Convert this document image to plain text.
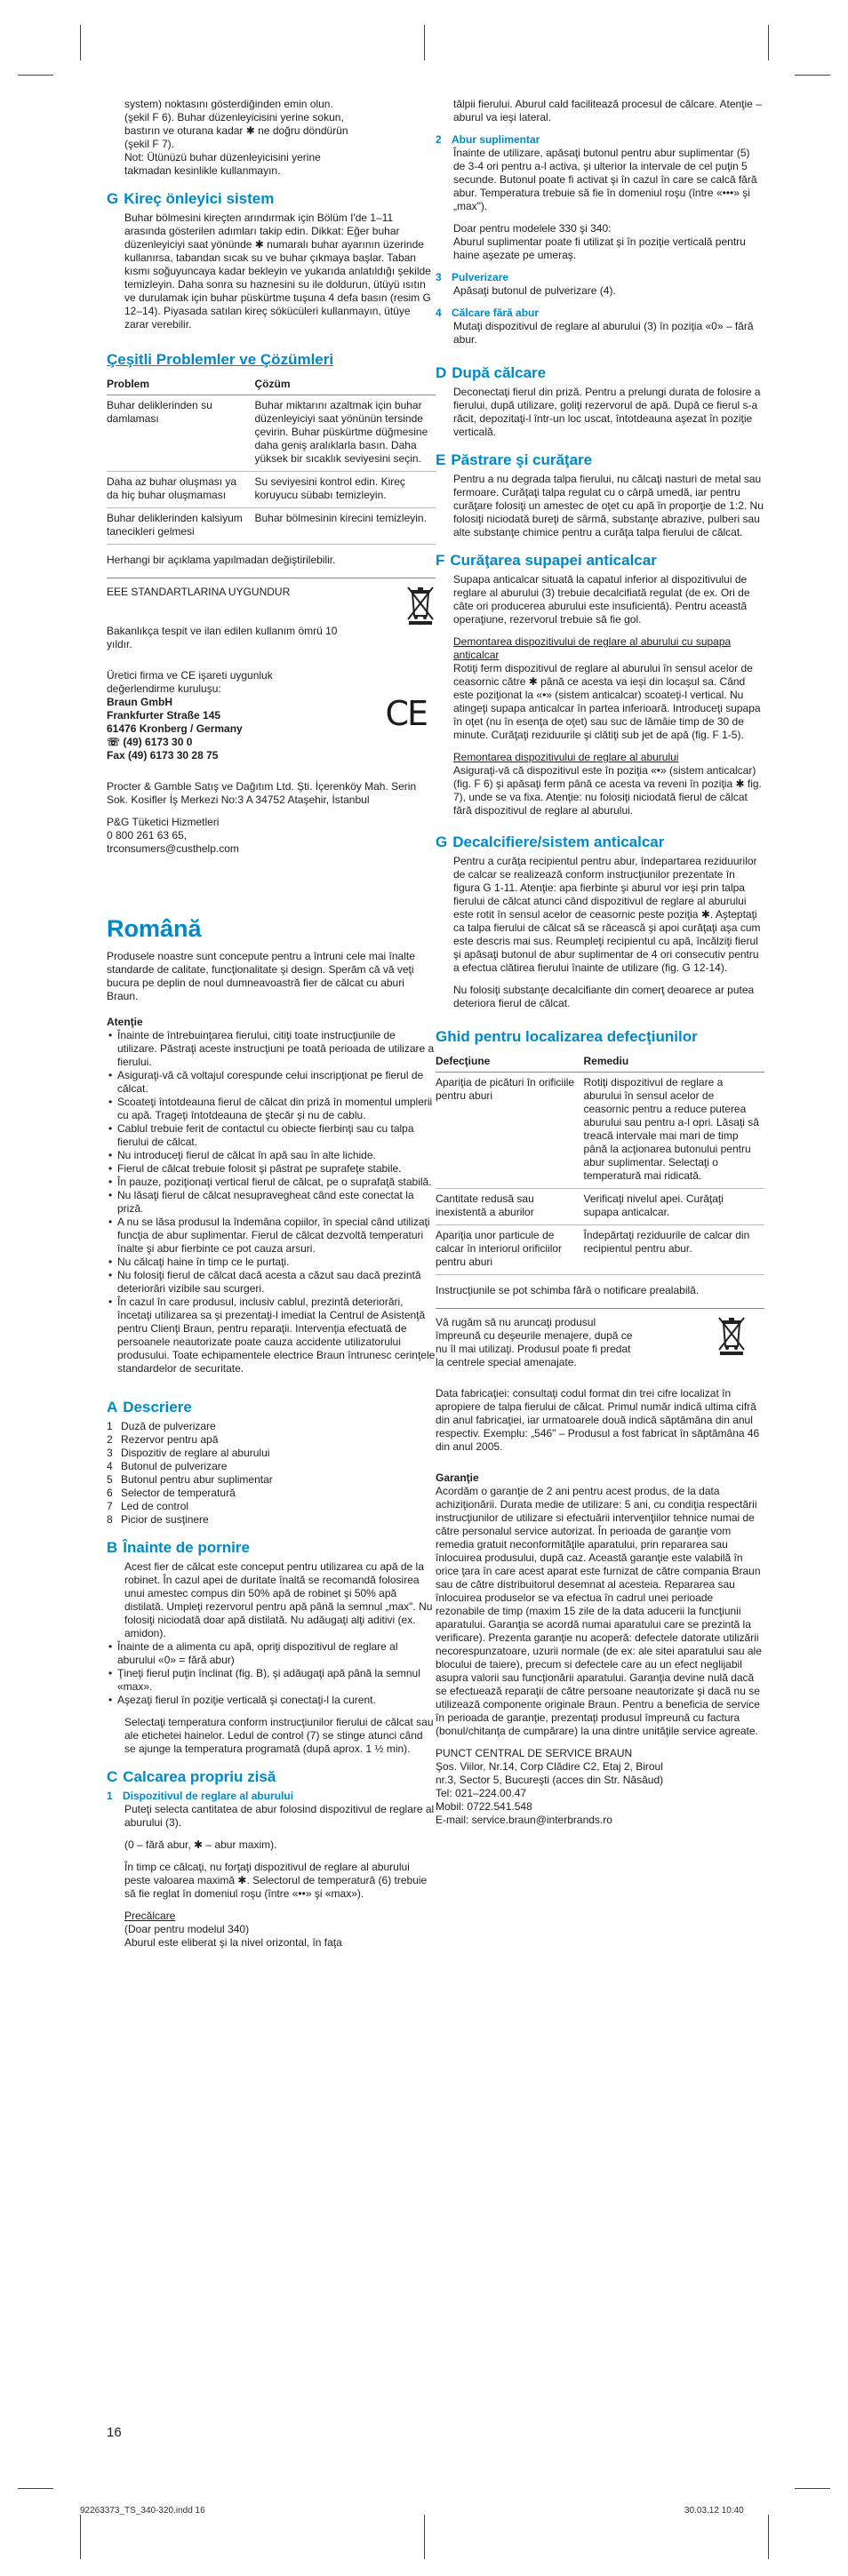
system) noktasını gösterdiğinden emin olun.

(şekil F 6). Buhar düzenleyicisini yerine sokun,

bastırın ve oturana kadar ✱ ne doğru döndürün

(şekil F 7).

Not: Ütünüzü buhar düzenleyicisini yerine

takmadan kesinlikle kullanmayın.

G Kireç önleyici sistem

Buhar bölmesini kireçten arındırmak için Bölüm I'de 1–11 arasında gösterilen adımları takip edin. Dikkat: Eğer buhar düzenleyiciyi saat yönünde ✱ numaralı buhar ayarının üzerinde kullanırsa, tabandan sıcak su ve buhar çıkmaya başlar. Taban kısmı soğuyuncaya kadar bekleyin ve yukarıda anlatıldığı şekilde temizleyin. Daha sonra su haznesini su ile doldurun, ütüyü ısıtın ve durulamak için buhar püskürtme tuşuna 4 defa basın (resim G 12–14). Piyasada satılan kireç sökücüleri kullanmayın, ütüye zarar verebilir.

Çeşitli Problemler ve Çözümleri
Problem	Çözüm
Buhar deliklerinden su damlaması	Buhar miktarını azaltmak için buhar düzenleyiciyi saat yönünün tersinde çevirin. Buhar püskürtme düğmesine daha geniş aralıklarla basın. Daha yüksek bir sıcaklık seviyesini seçin.
Daha az buhar oluşması ya da hiç buhar oluşmaması	Su seviyesini kontrol edin. Kireç koruyucu sübabı temizleyin.
Buhar deliklerinden kalsiyum tanecikleri gelmesi	Buhar bölmesinin kirecini temizleyin.

Herhangi bir açıklama yapılmadan değiştirilebilir.

EEE STANDARTLARINA UYGUNDUR

Bakanlıkça tespit ve ilan edilen kullanım ömrü 10 yıldır.

Üretici firma ve CE işareti uygunluk değerlendirme kuruluşu:

Braun GmbH

Frankfurter Straße 145

61476 Kronberg / Germany

☏ (49) 6173 30 0

Fax (49) 6173 30 28 75

CE

Procter & Gamble Satış ve Dağıtım Ltd. Şti. İçerenköy Mah. Serin Sok. Kosifler İş Merkezi No:3 A 34752 Ataşehir, İstanbul

P&G Tüketici Hizmetleri

0 800 261 63 65,

trconsumers@custhelp.com

Română

Produsele noastre sunt concepute pentru a întruni cele mai înalte standarde de calitate, funcţionalitate şi design. Sperăm că vă veţi bucura pe deplin de noul dumneavoastră fier de călcat cu aburi Braun.

Atenţie
• Înainte de întrebuinţarea fierului, citiţi toate instrucţiunile de utilizare. Păstraţi aceste instrucţiuni pe toată perioada de utilizare a fierului.
• Asiguraţi-vă că voltajul corespunde celui inscripţionat pe fierul de călcat.
• Scoateţi întotdeauna fierul de călcat din priză în momentul umplerii cu apă. Trageţi întotdeauna de ştecăr şi nu de cablu.
• Cablul trebuie ferit de contactul cu obiecte fierbinţi sau cu talpa fierului de călcat.
• Nu introduceţi fierul de călcat în apă sau în alte lichide.
• Fierul de călcat trebuie folosit şi păstrat pe suprafeţe stabile.
• În pauze, poziţionaţi vertical fierul de călcat, pe o suprafaţă stabilă.
• Nu lăsaţi fierul de călcat nesupravegheat când este conectat la priză.
• A nu se lăsa produsul la îndemâna copiilor, în special când utilizaţi funcţia de abur suplimentar. Fierul de călcat dezvoltă temperaturi înalte şi abur fierbinte ce pot cauza arsuri.
• Nu călcaţi haine în timp ce le purtaţi.
• Nu folosiţi fierul de călcat dacă acesta a căzut sau dacă prezintă deteriorări vizibile sau scurgeri.
• În cazul în care produsul, inclusiv cablul, prezintă deteriorări, încetaţi utilizarea sa şi prezentaţi-l imediat la Centrul de Asistenţă pentru Clienţi Braun, pentru reparaţii. Intervenţia efectuată de persoanele neautorizate poate cauza accidente utilizatorului produsului. Toate echipamentele electrice Braun întrunesc cerinţele standardelor de securitate.
A Descriere
1 Duză de pulverizare
2 Rezervor pentru apă
3 Dispozitiv de reglare al aburului
4 Butonul de pulverizare
5 Butonul pentru abur suplimentar
6 Selector de temperatură
7 Led de control
8 Picior de susţinere
B Înainte de pornire

Acest fier de călcat este conceput pentru utilizarea cu apă de la robinet. În cazul apei de duritate înaltă se recomandă folosirea unui amestec compus din 50% apă de robinet şi 50% apă distilată. Umpleţi rezervorul pentru apă până la semnul „max". Nu folosiţi niciodată doar apă distilată. Nu adăugaţi alţi aditivi (ex. amidon).

• Înainte de a alimenta cu apă, opriţi dispozitivul de reglare al aburului «0» = fără abur)
• Ţineţi fierul puţin înclinat (fig. B), şi adăugaţi apă până la semnul «max».
• Aşezaţi fierul în poziţie verticală şi conectaţi-l la curent.

Selectaţi temperatura conform instrucţiunilor fierului de călcat sau ale etichetei hainelor. Ledul de control (7) se stinge atunci când se ajunge la temperatura programată (după aprox. 1 ½ min).

C Calcarea propriu zisă
1 Dispozitivul de reglare al aburului

Puteţi selecta cantitatea de abur folosind dispozitivul de reglare al aburului (3).

(0 – fără abur, ✱ – abur maxim).

În timp ce călcaţi, nu forţaţi dispozitivul de reglare al aburului peste valoarea maximă ✱. Selectorul de temperatură (6) trebuie să fie reglat în domeniul roşu (între «••» şi «max»).

Precălcare

(Doar pentru modelul 340)

Aburul este eliberat şi la nivel orizontal, în faţa

16

tălpii fierului. Aburul cald facilitează procesul de călcare. Atenţie – aburul va ieşi lateral.

2 Abur suplimentar

Înainte de utilizare, apăsaţi butonul pentru abur suplimentar (5) de 3-4 ori pentru a-l activa, şi ulterior la intervale de cel puţin 5 secunde. Butonul poate fi activat şi în cazul în care se calcă fără abur. Temperatura trebuie să fie în domeniul roşu (între «•••» şi „max").

Doar pentru modelele 330 şi 340:

Aburul suplimentar poate fi utilizat şi în poziţie verticală pentru haine aşezate pe umeraş.

3 Pulverizare

Apăsaţi butonul de pulverizare (4).

4 Călcare fără abur

Mutaţi dispozitivul de reglare al aburului (3) în poziţia «0» – fără abur.

D După călcare

Deconectaţi fierul din priză. Pentru a prelungi durata de folosire a fierului, după utilizare, goliţi rezervorul de apă. După ce fierul s-a răcit, depozitaţi-l într-un loc uscat, întotdeauna aşezat în poziţie verticală.

E Păstrare şi curăţare

Pentru a nu degrada talpa fierului, nu călcaţi nasturi de metal sau fermoare. Curăţaţi talpa regulat cu o cârpă umedă, iar pentru curăţare folosiţi un amestec de oţet cu apă în proporţie de 1:2. Nu folosiţi niciodată bureţi de sârmă, substanţe abrazive, pulberi sau alte substanţe chimice pentru a curăţa talpa fierului de călcat.

F Curăţarea supapei anticalcar

Supapa anticalcar situată la capatul inferior al dispozitivului de reglare al aburului (3) trebuie decalcifiată regulat (de ex. Ori de câte ori producerea aburului este insuficientă). Pentru această operaţiune, rezervorul trebuie să fie gol.

Demontarea dispozitivului de reglare al aburului cu supapa anticalcar

Rotiţi ferm dispozitivul de reglare al aburului în sensul acelor de ceasornic către ✱ până ce acesta va ieşi din locaşul sa. Când este poziţionat la «•» (sistem anticalcar) scoateţi-l vertical. Nu atingeţi supapa anticalcar în partea inferioară. Introduceţi supapa în oţet (nu în esenţa de oţet) sau suc de lămâie timp de 30 de minute. Curăţaţi reziduurile şi clătiţi sub jet de apă (fig. F 1-5).

Remontarea dispozitivului de reglare al aburului

Asiguraţi-vă că dispozitivul este în poziţia «•» (sistem anticalcar) (fig. F 6) şi apăsaţi ferm până ce acesta va reveni în poziţia ✱ fig. 7), unde se va fixa. Atenţie: nu folosiţi niciodată fierul de călcat fără dispozitivul de reglare al aburului.

G Decalcifiere/sistem anticalcar

Pentru a curăţa recipientul pentru abur, îndepartarea reziduurilor de calcar se realizează conform instrucţiunilor prezentate în figura G 1-11. Atenţie: apa fierbinte şi aburul vor ieşi prin talpa fierului de călcat atunci când dispozitivul de reglare al aburului este rotit în sensul acelor de ceasornic peste poziţia ✱. Aşteptaţi ca talpa fierului de călcat să se răcească şi apoi curăţaţi aşa cum este descris mai sus. Reumpleţi recipientul cu apă, încălziţi fierul şi apăsaţi butonul de abur suplimentar de 4 ori consecutiv pentru a efectua clătirea fierului înainte de utilizare (fig. G 12-14).

Nu folosiţi substanţe decalcifiante din comerţ deoarece ar putea deteriora fierul de călcat.

Ghid pentru localizarea defecţiunilor
Defecţiune	Remediu
Apariţia de picături în orificiile pentru aburi	Rotiţi dispozitivul de reglare a aburului în sensul acelor de ceasornic pentru a reduce puterea aburului sau pentru a-l opri. Lăsaţi să treacă intervale mai mari de timp până la acţionarea butonului pentru abur suplimentar. Selectaţi o temperatură mai ridicată.
Cantitate redusă sau inexistentă a aburilor	Verificaţi nivelul apei. Curăţaţi supapa anticalcar.
Apariţia unor particule de calcar în interiorul orificiilor pentru aburi	Îndepărtaţi reziduurile de calcar din recipientul pentru abur.

Instrucţiunile se pot schimba fără o notificare prealabilă.

Vă rugăm să nu aruncaţi produsul împreună cu deşeurile menajere, după ce nu îl mai utilizaţi. Produsul poate fi predat la centrele special amenajate.

Data fabricaţiei: consultaţi codul format din trei cifre localizat în apropiere de talpa fierului de călcat. Primul număr indică ultima cifră din anul fabricaţiei, iar urmatoarele două indică săptămâna din anul respectiv. Exemplu: „546" – Produsul a fost fabricat în săptămâna 46 din anul 2005.

Garanţie

Acordăm o garanţie de 2 ani pentru acest produs, de la data achiziţionării. Durata medie de utilizare: 5 ani, cu condiţia respectării instrucţiunilor de utilizare si efectuării intervenţiilor tehnice numai de către personalul service autorizat. În perioada de garanţie vom remedia gratuit neconformităţile aparatului, prin repararea sau înlocuirea produsului, după caz. Această garanţie este valabilă în orice ţara în care acest aparat este furnizat de către compania Braun sau de către distribuitorul desemnat al acesteia. Repararea sau înlocuirea produselor se va efectua în cadrul unei perioade rezonabile de timp (maxim 15 zile de la data aducerii la funcţiunii aparatului. Garanţia se acordă numai aparatului care se prezintă la verificare). Prezenta garanţie nu acoperă: defectele datorate utilizării necorespunzatoare, uzurii normale (de ex: ale sitei aparatului sau ale blocului de taiere), precum si defectele care au un efect neglijabil asupra valorii sau funcţionării aparatului. Garanţia devine nulă dacă se efectuează reparaţii de către persoane neautorizate şi dacă nu se utilizează componente originale Braun. Pentru a beneficia de service în perioada de garanţie, prezentaţi produsul împreună cu factura (bonul/chitanţa de cumpărare) la una dintre unităţile service agreate.

PUNCT CENTRAL DE SERVICE BRAUN

Şos. Viilor, Nr.14, Corp Clădire C2, Etaj 2, Biroul

nr.3, Sector 5, Bucureşti (acces din Str. Năsăud)

Tel: 021–224.00.47

Mobil: 0722.541.548

E-mail: service.braun@interbrands.ro

92263373_TS_340-320.indd 16	30.03.12 10:40
